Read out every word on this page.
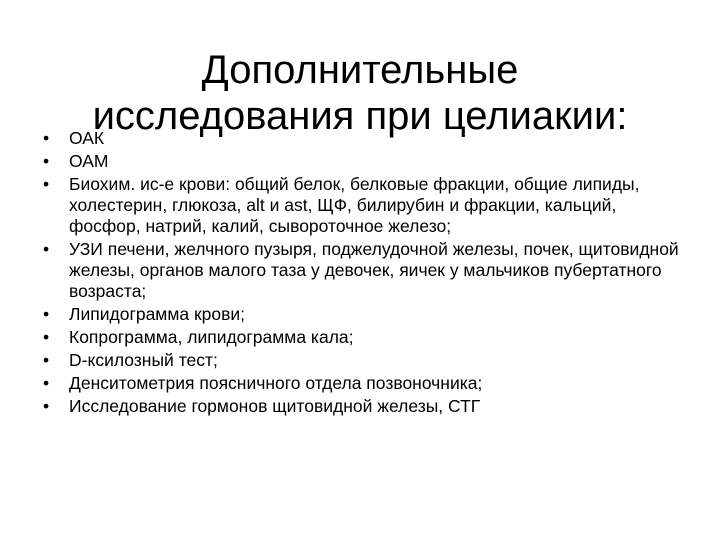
Дополнительные
исследования при целиакии:
• ОАК
• ОАМ
• Биохим. ис-е крови: общий белок, белковые фракции, общие липиды, холестерин, глюкоза, alt и ast, ЩФ, билирубин и фракции, кальций, фосфор, натрий, калий, сывороточное железо;
• УЗИ печени, желчного пузыря, поджелудочной железы, почек, щитовидной железы, органов малого таза у девочек, яичек у мальчиков пубертатного возраста;
• Липидограмма крови;
• Копрограмма, липидограмма кала;
• D-ксилозный тест;
• Денситометрия поясничного отдела позвоночника;
• Исследование гормонов щитовидной железы, СТГ
